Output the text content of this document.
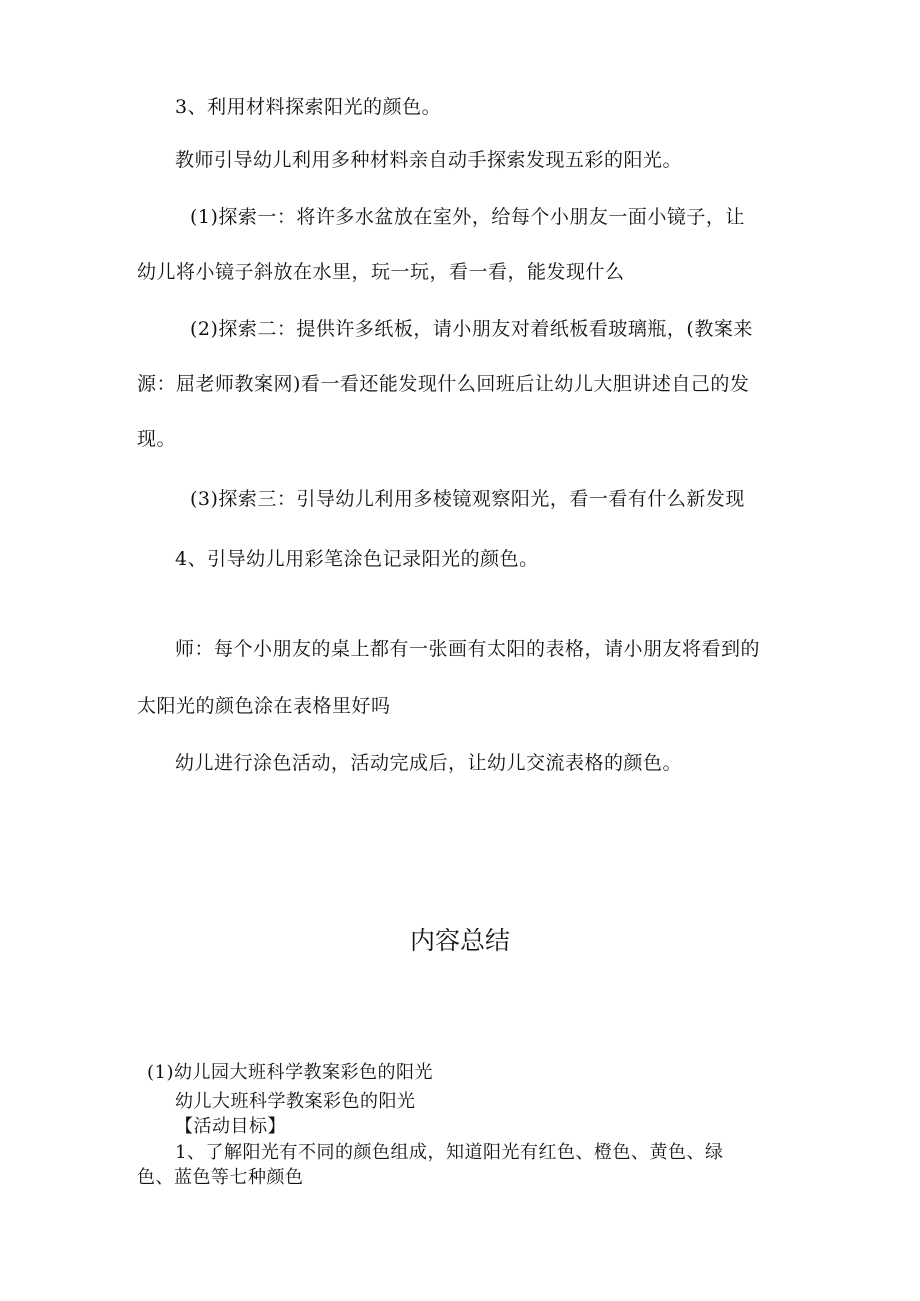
3、利用材料探索阳光的颜色。
教师引导幼儿利用多种材料亲自动手探索发现五彩的阳光。
(1)探索一：将许多水盆放在室外，给每个小朋友一面小镜子，让
幼儿将小镜子斜放在水里，玩一玩，看一看，能发现什么
(2)探索二：提供许多纸板，请小朋友对着纸板看玻璃瓶，(教案来
源：屈老师教案网)看一看还能发现什么回班后让幼儿大胆讲述自己的发
现。
(3)探索三：引导幼儿利用多棱镜观察阳光，看一看有什么新发现
4、引导幼儿用彩笔涂色记录阳光的颜色。
师：每个小朋友的桌上都有一张画有太阳的表格，请小朋友将看到的
太阳光的颜色涂在表格里好吗
幼儿进行涂色活动，活动完成后，让幼儿交流表格的颜色。
内容总结
(1)幼儿园大班科学教案彩色的阳光
幼儿大班科学教案彩色的阳光
【活动目标】
1、了解阳光有不同的颜色组成，知道阳光有红色、橙色、黄色、绿
色、蓝色等七种颜色
